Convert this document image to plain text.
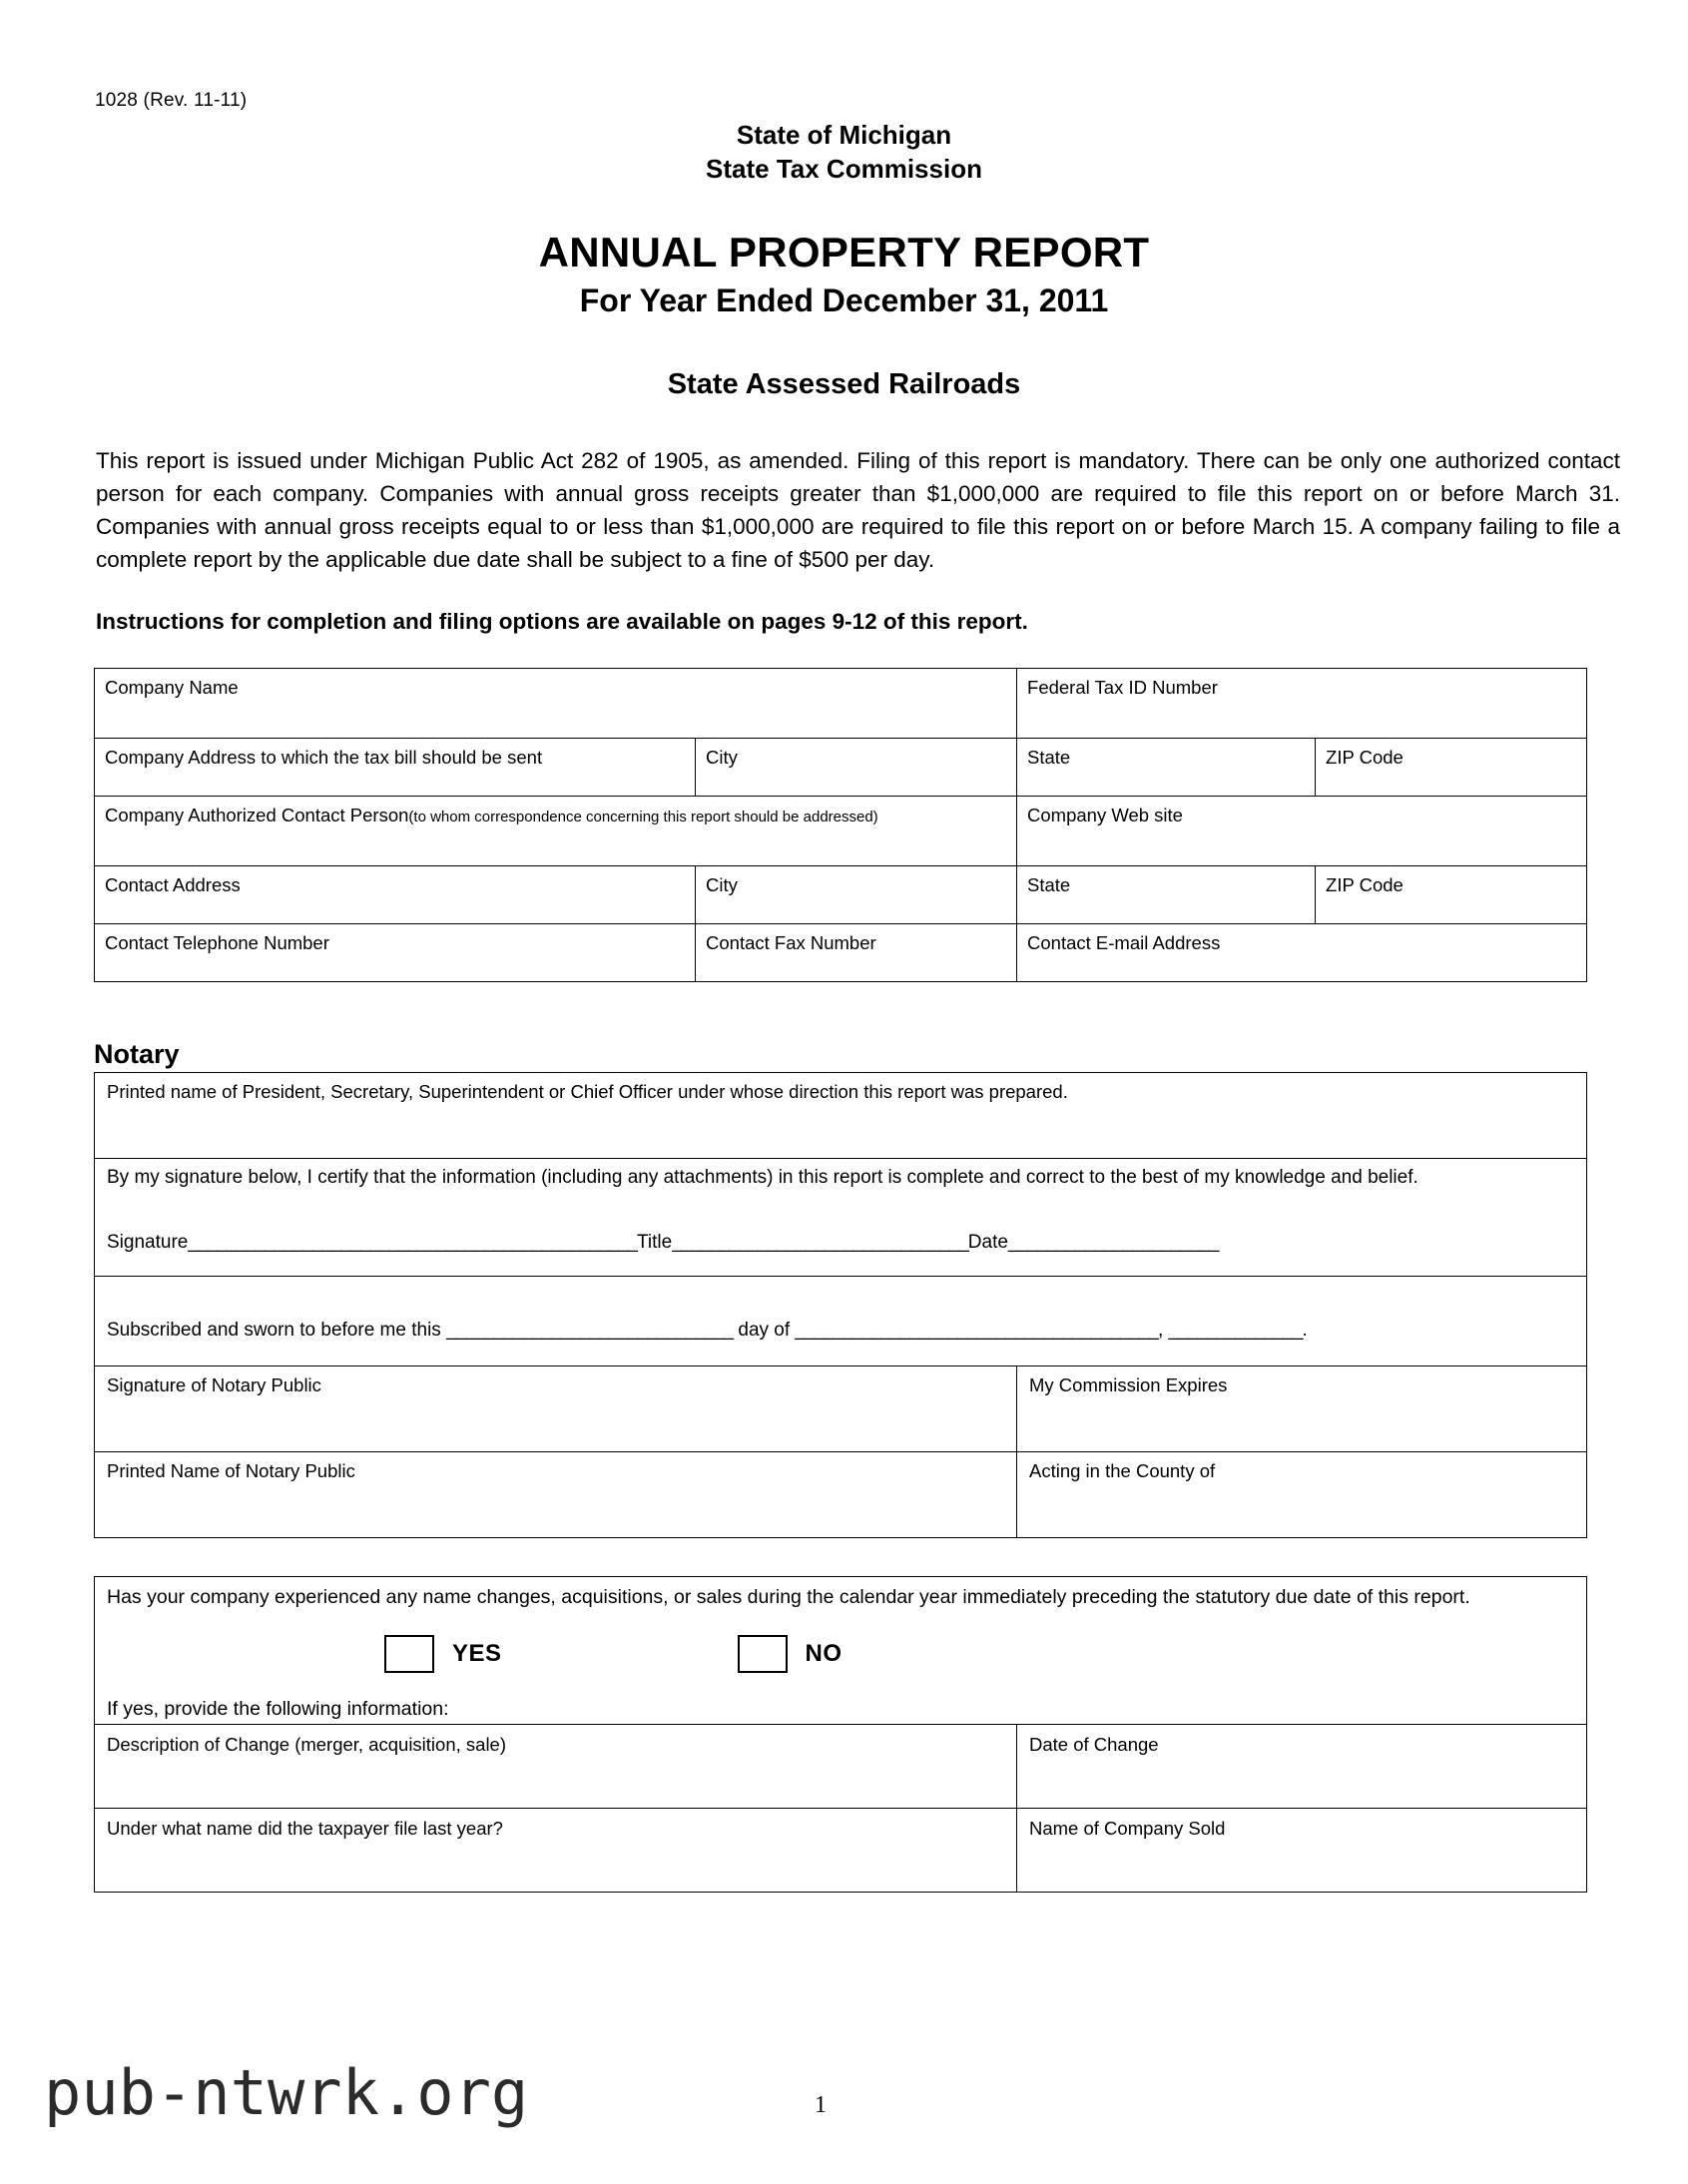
1028 (Rev. 11-11)
State of Michigan
State Tax Commission
ANNUAL PROPERTY REPORT
For Year Ended December 31, 2011
State Assessed Railroads
This report is issued under Michigan Public Act 282 of 1905, as amended. Filing of this report is mandatory. There can be only one authorized contact person for each company. Companies with annual gross receipts greater than $1,000,000 are required to file this report on or before March 31. Companies with annual gross receipts equal to or less than $1,000,000 are required to file this report on or before March 15. A company failing to file a complete report by the applicable due date shall be subject to a fine of $500 per day.
Instructions for completion and filing options are available on pages 9-12 of this report.
Company Name		Federal Tax ID Number	

Company Address to which the tax bill should be sent	City	State	ZIP Code

Company Authorized Contact Person(to whom correspondence concerning this report should be addressed)		Company Web site	

Contact Address	City	State	ZIP Code

Contact Telephone Number	Contact Fax Number	Contact E-mail Address	
Notary
Printed name of President, Secretary, Superintendent or Chief Officer under whose direction this report was prepared.	

By my signature below, I certify that the information (including any attachments) in this report is complete and correct to the best of my knowledge and belief.
Signature_______________________________________________Title_______________________________Date______________________	

Subscribed and sworn to before me this ______________________________ day of ______________________________________, ______________.	

Signature of Notary Public	My Commission Expires

Printed Name of Notary Public	Acting in the County of
Has your company experienced any name changes, acquisitions, or sales during the calendar year immediately preceding the statutory due date of this report.
YES NO
If yes, provide the following information:	

Description of Change (merger, acquisition, sale)	Date of Change

Under what name did the taxpayer file last year?	Name of Company Sold
pub-ntwrk.org	1
